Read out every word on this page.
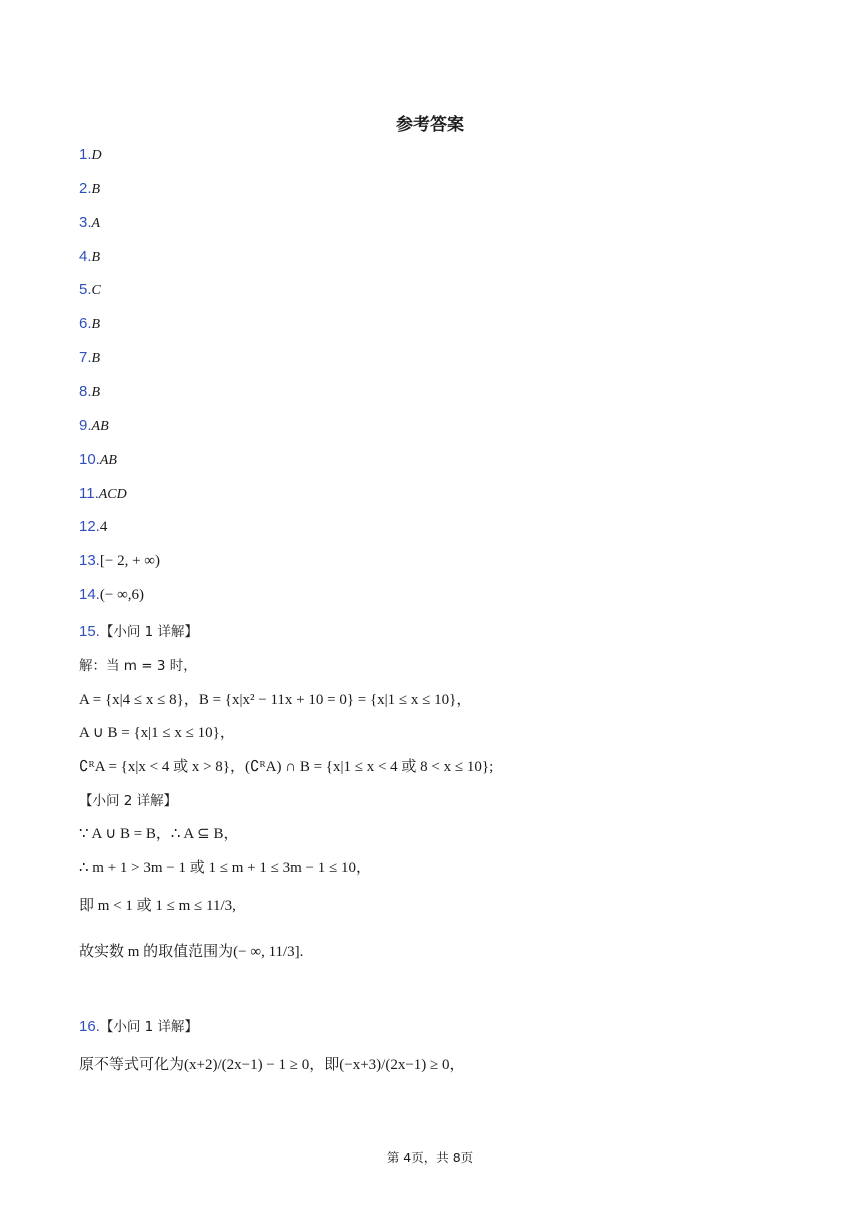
参考答案
1.D
2.B
3.A
4.B
5.C
6.B
7.B
8.B
9.AB
10.AB
11.ACD
12.4
13.[− 2, + ∞)
14.(− ∞,6)
15.【小问 1 详解】
解：当 m = 3 时，
A = {x|4 ≤ x ≤ 8}，B = {x|x² − 11x + 10 = 0} = {x|1 ≤ x ≤ 10}，
A ∪ B = {x|1 ≤ x ≤ 10}，
∁ᴿA = {x|x < 4 或 x > 8}，(∁ᴿA) ∩ B = {x|1 ≤ x < 4 或 8 < x ≤ 10};
【小问 2 详解】
∵ A ∪ B = B，∴ A ⊆ B，
∴ m + 1 > 3m − 1 或 1 ≤ m + 1 ≤ 3m − 1 ≤ 10，
即 m < 1 或 1 ≤ m ≤ 11/3,
故实数 m 的取值范围为(− ∞, 11/3].
16.【小问 1 详解】
原不等式可化为(x+2)/(2x−1) − 1 ≥ 0，即(−x+3)/(2x−1) ≥ 0，
第 4页，共 8页
